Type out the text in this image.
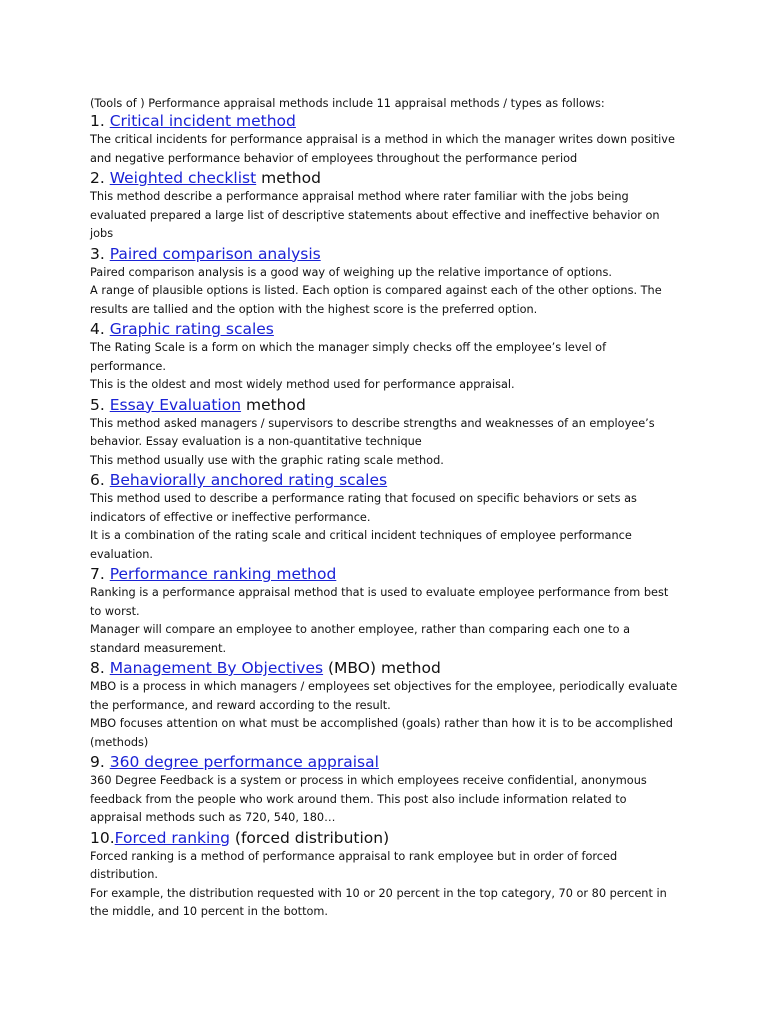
(Tools of ) Performance appraisal methods include 11 appraisal methods / types as follows:

1. Critical incident method

The critical incidents for performance appraisal is a method in which the manager writes down positive and negative performance behavior of employees throughout the performance period

2. Weighted checklist method

This method describe a performance appraisal method where rater familiar with the jobs being evaluated prepared a large list of descriptive statements about effective and ineffective behavior on jobs

3. Paired comparison analysis

Paired comparison analysis is a good way of weighing up the relative importance of options.

A range of plausible options is listed. Each option is compared against each of the other options. The results are tallied and the option with the highest score is the preferred option.

4. Graphic rating scales

The Rating Scale is a form on which the manager simply checks off the employee’s level of performance.

This is the oldest and most widely method used for performance appraisal.

5. Essay Evaluation method

This method asked managers / supervisors to describe strengths and weaknesses of an employee’s behavior. Essay evaluation is a non-quantitative technique

This method usually use with the graphic rating scale method.

6. Behaviorally anchored rating scales

This method used to describe a performance rating that focused on specific behaviors or sets as indicators of effective or ineffective performance.

It is a combination of the rating scale and critical incident techniques of employee performance evaluation.

7. Performance ranking method

Ranking is a performance appraisal method that is used to evaluate employee performance from best to worst.

Manager will compare an employee to another employee, rather than comparing each one to a standard measurement.

8. Management By Objectives (MBO) method

MBO is a process in which managers / employees set objectives for the employee, periodically evaluate the performance, and reward according to the result.

MBO focuses attention on what must be accomplished (goals) rather than how it is to be accomplished (methods)

9. 360 degree performance appraisal

360 Degree Feedback is a system or process in which employees receive confidential, anonymous feedback from the people who work around them. This post also include information related to appraisal methods such as 720, 540, 180…

10.Forced ranking (forced distribution)

Forced ranking is a method of performance appraisal to rank employee but in order of forced distribution.

For example, the distribution requested with 10 or 20 percent in the top category, 70 or 80 percent in the middle, and 10 percent in the bottom.
